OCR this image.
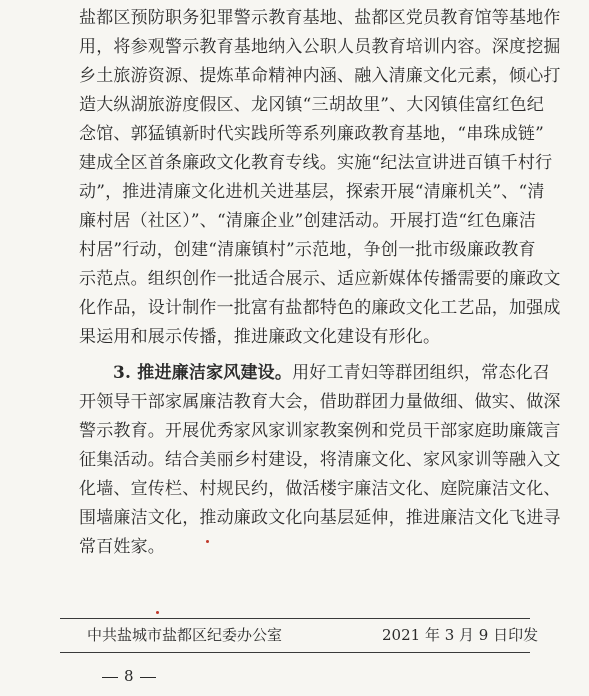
盐都区预防职务犯罪警示教育基地、盐都区党员教育馆等基地作
用，将参观警示教育基地纳入公职人员教育培训内容。深度挖掘
乡土旅游资源、提炼革命精神内涵、融入清廉文化元素，倾心打
造大纵湖旅游度假区、龙冈镇“三胡故里”、大冈镇佳富红色纪
念馆、郭猛镇新时代实践所等系列廉政教育基地，“串珠成链”
建成全区首条廉政文化教育专线。实施“纪法宣讲进百镇千村行
动”，推进清廉文化进机关进基层，探索开展“清廉机关”、“清
廉村居（社区）”、“清廉企业”创建活动。开展打造“红色廉洁
村居”行动，创建“清廉镇村”示范地，争创一批市级廉政教育
示范点。组织创作一批适合展示、适应新媒体传播需要的廉政文
化作品，设计制作一批富有盐都特色的廉政文化工艺品，加强成
果运用和展示传播，推进廉政文化建设有形化。
3. 推进廉洁家风建设。用好工青妇等群团组织，常态化召
开领导干部家属廉洁教育大会，借助群团力量做细、做实、做深
警示教育。开展优秀家风家训家教案例和党员干部家庭助廉箴言
征集活动。结合美丽乡村建设，将清廉文化、家风家训等融入文
化墙、宣传栏、村规民约，做活楼宇廉洁文化、庭院廉洁文化、
围墙廉洁文化，推动廉政文化向基层延伸，推进廉洁文化飞进寻
常百姓家。
中共盐城市盐都区纪委办公室	2021 年 3 月 9 日印发
8
